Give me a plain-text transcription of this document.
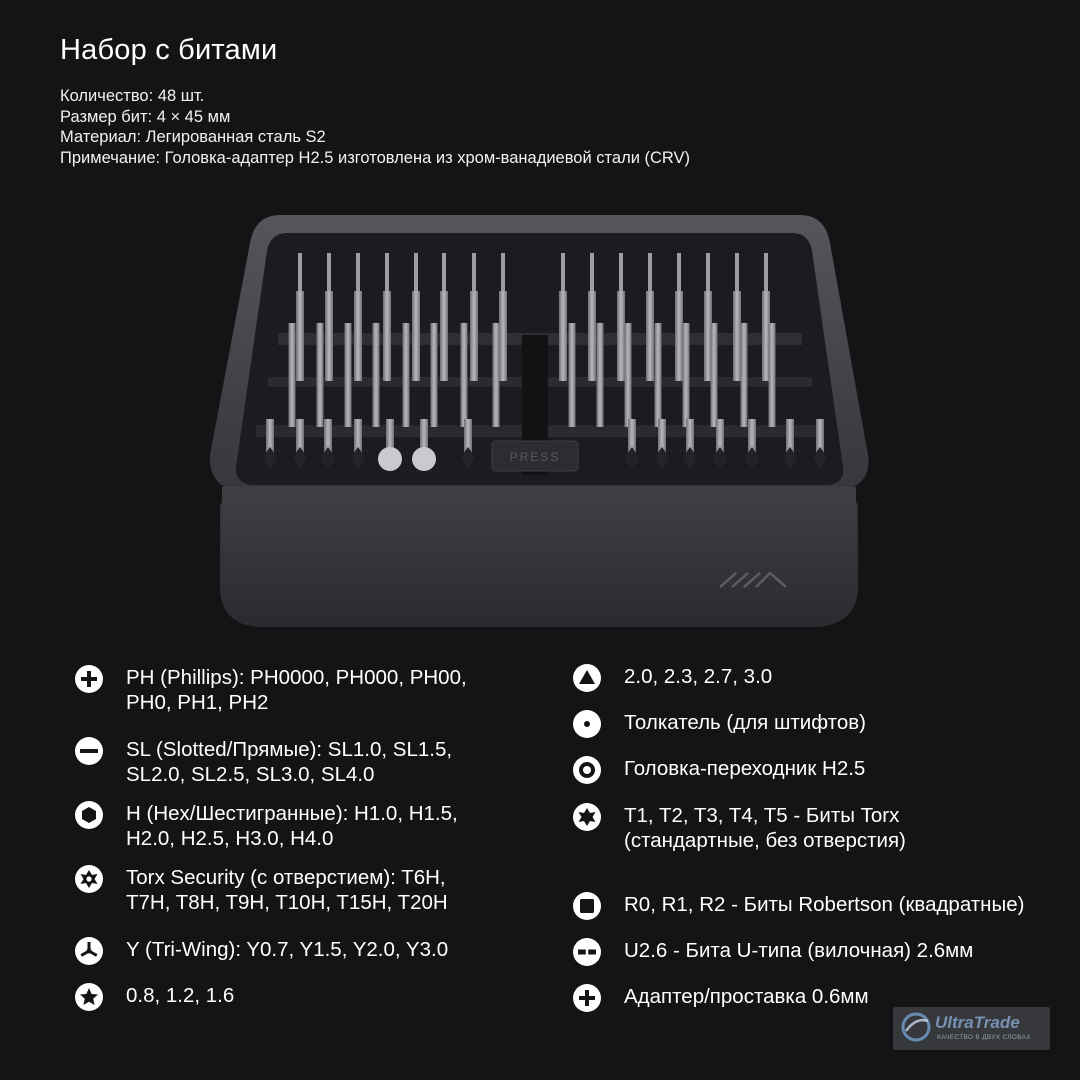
Набор с битами
Количество: 48 шт.
Размер бит: 4 × 45 мм
Материал: Легированная сталь S2
Примечание: Головка-адаптер H2.5 изготовлена из хром-ванадиевой стали (CRV)
PRESS
PH (Phillips): PH0000, PH000, PH00,
PH0, PH1, PH2
SL (Slotted/Прямые): SL1.0, SL1.5,
SL2.0, SL2.5, SL3.0, SL4.0
H (Hex/Шестигранные): H1.0, H1.5,
H2.0, H2.5, H3.0, H4.0
Torx Security (с отверстием): T6H,
T7H, T8H, T9H, T10H, T15H, T20H
Y (Tri-Wing): Y0.7, Y1.5, Y2.0, Y3.0
0.8, 1.2, 1.6
2.0, 2.3, 2.7, 3.0
Толкатель (для штифтов)
Головка-переходник H2.5
T1, T2, T3, T4, T5 - Биты Torx
(стандартные, без отверстия)
R0, R1, R2 - Биты Robertson (квадратные)
U2.6 - Бита U-типа (вилочная) 2.6мм
Адаптер/проставка 0.6мм
UltraTrade
КАЧЕСТВО В ДВУХ СЛОВАХ
